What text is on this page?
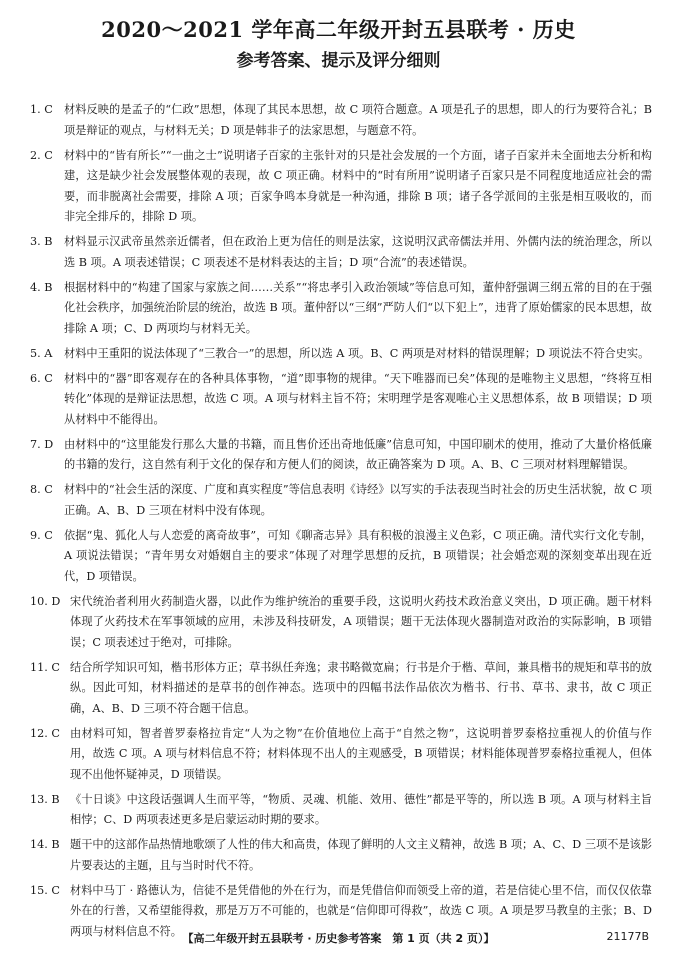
2020～2021 学年高二年级开封五县联考 · 历史
参考答案、提示及评分细则
1. C	材料反映的是孟子的“仁政”思想，体现了其民本思想，故 C 项符合题意。A 项是孔子的思想，即人的行为要符合礼；B 项是辩证的观点，与材料无关；D 项是韩非子的法家思想，与题意不符。
2. C	材料中的“皆有所长”“一曲之士”说明诸子百家的主张针对的只是社会发展的一个方面，诸子百家并未全面地去分析和构建，这是缺少社会发展整体观的表现，故 C 项正确。材料中的“时有所用”说明诸子百家只是不同程度地适应社会的需要，而非脱离社会需要，排除 A 项；百家争鸣本身就是一种沟通，排除 B 项；诸子各学派间的主张是相互吸收的，而非完全排斥的，排除 D 项。
3. B	材料显示汉武帝虽然亲近儒者，但在政治上更为信任的则是法家，这说明汉武帝儒法并用、外儒内法的统治理念，所以选 B 项。A 项表述错误；C 项表述不是材料表达的主旨；D 项“合流”的表述错误。
4. B	根据材料中的“构建了国家与家族之间……关系”“将忠孝引入政治领域”等信息可知，董仲舒强调三纲五常的目的在于强化社会秩序，加强统治阶层的统治，故选 B 项。董仲舒以“三纲”严防人们“以下犯上”，违背了原始儒家的民本思想，故排除 A 项；C、D 两项均与材料无关。
5. A	材料中王重阳的说法体现了“三教合一”的思想，所以选 A 项。B、C 两项是对材料的错误理解；D 项说法不符合史实。
6. C	材料中的“器”即客观存在的各种具体事物，“道”即事物的规律。“天下唯器而已矣”体现的是唯物主义思想，“终将互相转化”体现的是辩证法思想，故选 C 项。A 项与材料主旨不符；宋明理学是客观唯心主义思想体系，故 B 项错误；D 项从材料中不能得出。
7. D 由材料中的“这里能发行那么大量的书籍，而且售价还出奇地低廉”信息可知，中国印刷术的使用，推动了大量价格低廉的书籍的发行，这自然有利于文化的保存和方便人们的阅读，故正确答案为 D 项。A、B、C 三项对材料理解错误。
8. C	材料中的“社会生活的深度、广度和真实程度”等信息表明《诗经》以写实的手法表现当时社会的历史生活状貌，故 C 项正确。A、B、D 三项在材料中没有体现。
9. C	依据“鬼、狐化人与人恋爱的离奇故事”，可知《聊斋志异》具有积极的浪漫主义色彩，C 项正确。清代实行文化专制，A 项说法错误；“青年男女对婚姻自主的要求”体现了对理学思想的反抗，B 项错误；社会婚恋观的深刻变革出现在近代，D 项错误。
10. D 宋代统治者利用火药制造火器，以此作为维护统治的重要手段，这说明火药技术政治意义突出，D 项正确。题干材料体现了火药技术在军事领域的应用，未涉及科技研发，A 项错误；题干无法体现火器制造对政治的实际影响，B 项错误；C 项表述过于绝对，可排除。
11. C 结合所学知识可知，楷书形体方正；草书纵任奔逸；隶书略微宽扁；行书是介于楷、草间，兼具楷书的规矩和草书的放纵。因此可知，材料描述的是草书的创作神态。选项中的四幅书法作品依次为楷书、行书、草书、隶书，故 C 项正确，A、B、D 三项不符合题干信息。
12. C 由材料可知，智者普罗泰格拉肯定“人为之物”在价值地位上高于“自然之物”，这说明普罗泰格拉重视人的价值与作用，故选 C 项。A 项与材料信息不符；材料体现不出人的主观感受，B 项错误；材料能体现普罗泰格拉重视人，但体现不出他怀疑神灵，D 项错误。
13. B 《十日谈》中这段话强调人生而平等，“物质、灵魂、机能、效用、德性”都是平等的，所以选 B 项。A 项与材料主旨相悖；C、D 两项表述更多是启蒙运动时期的要求。
14. B 题干中的这部作品热情地歌颂了人性的伟大和高贵，体现了鲜明的人文主义精神，故选 B 项；A、C、D 三项不是该影片要表达的主题，且与当时时代不符。
15. C 材料中马丁 · 路德认为，信徒不是凭借他的外在行为，而是凭借信仰而领受上帝的道，若是信徒心里不信，而仅仅依靠外在的行善，又希望能得救，那是万万不可能的，也就是“信仰即可得救”，故选 C 项。A 项是罗马教皇的主张；B、D 两项与材料信息不符。
【高二年级开封五县联考 · 历史参考答案　第 1 页（共 2 页）】	21177B
